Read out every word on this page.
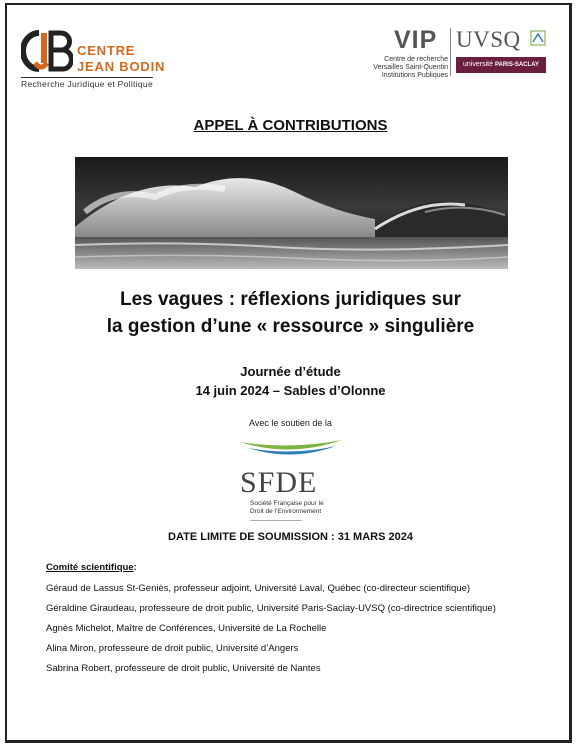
CENTRE
JEAN BODIN
Recherche Juridique et Politique
VIP
Centre de recherche
Versailles Saint-Quentin
Institutions Publiques
UVSQ
université PARIS-SACLAY
APPEL À CONTRIBUTIONS
Les vagues : réflexions juridiques sur
la gestion d’une « ressource » singulière
Journée d’étude
14 juin 2024 – Sables d’Olonne
Avec le soutien de la
SFDE
Société Française pour le
Droit de l’Environnement
DATE LIMITE DE SOUMISSION : 31 MARS 2024
Comité scientifique:
Géraud de Lassus St-Geniès, professeur adjoint, Université Laval, Québec (co-directeur scientifique)
Géraldine Giraudeau, professeure de droit public, Université Paris-Saclay-UVSQ (co-directrice scientifique)
Agnès Michelot, Maître de Conférences, Université de La Rochelle
Alina Miron, professeure de droit public, Université d’Angers
Sabrina Robert, professeure de droit public, Université de Nantes
